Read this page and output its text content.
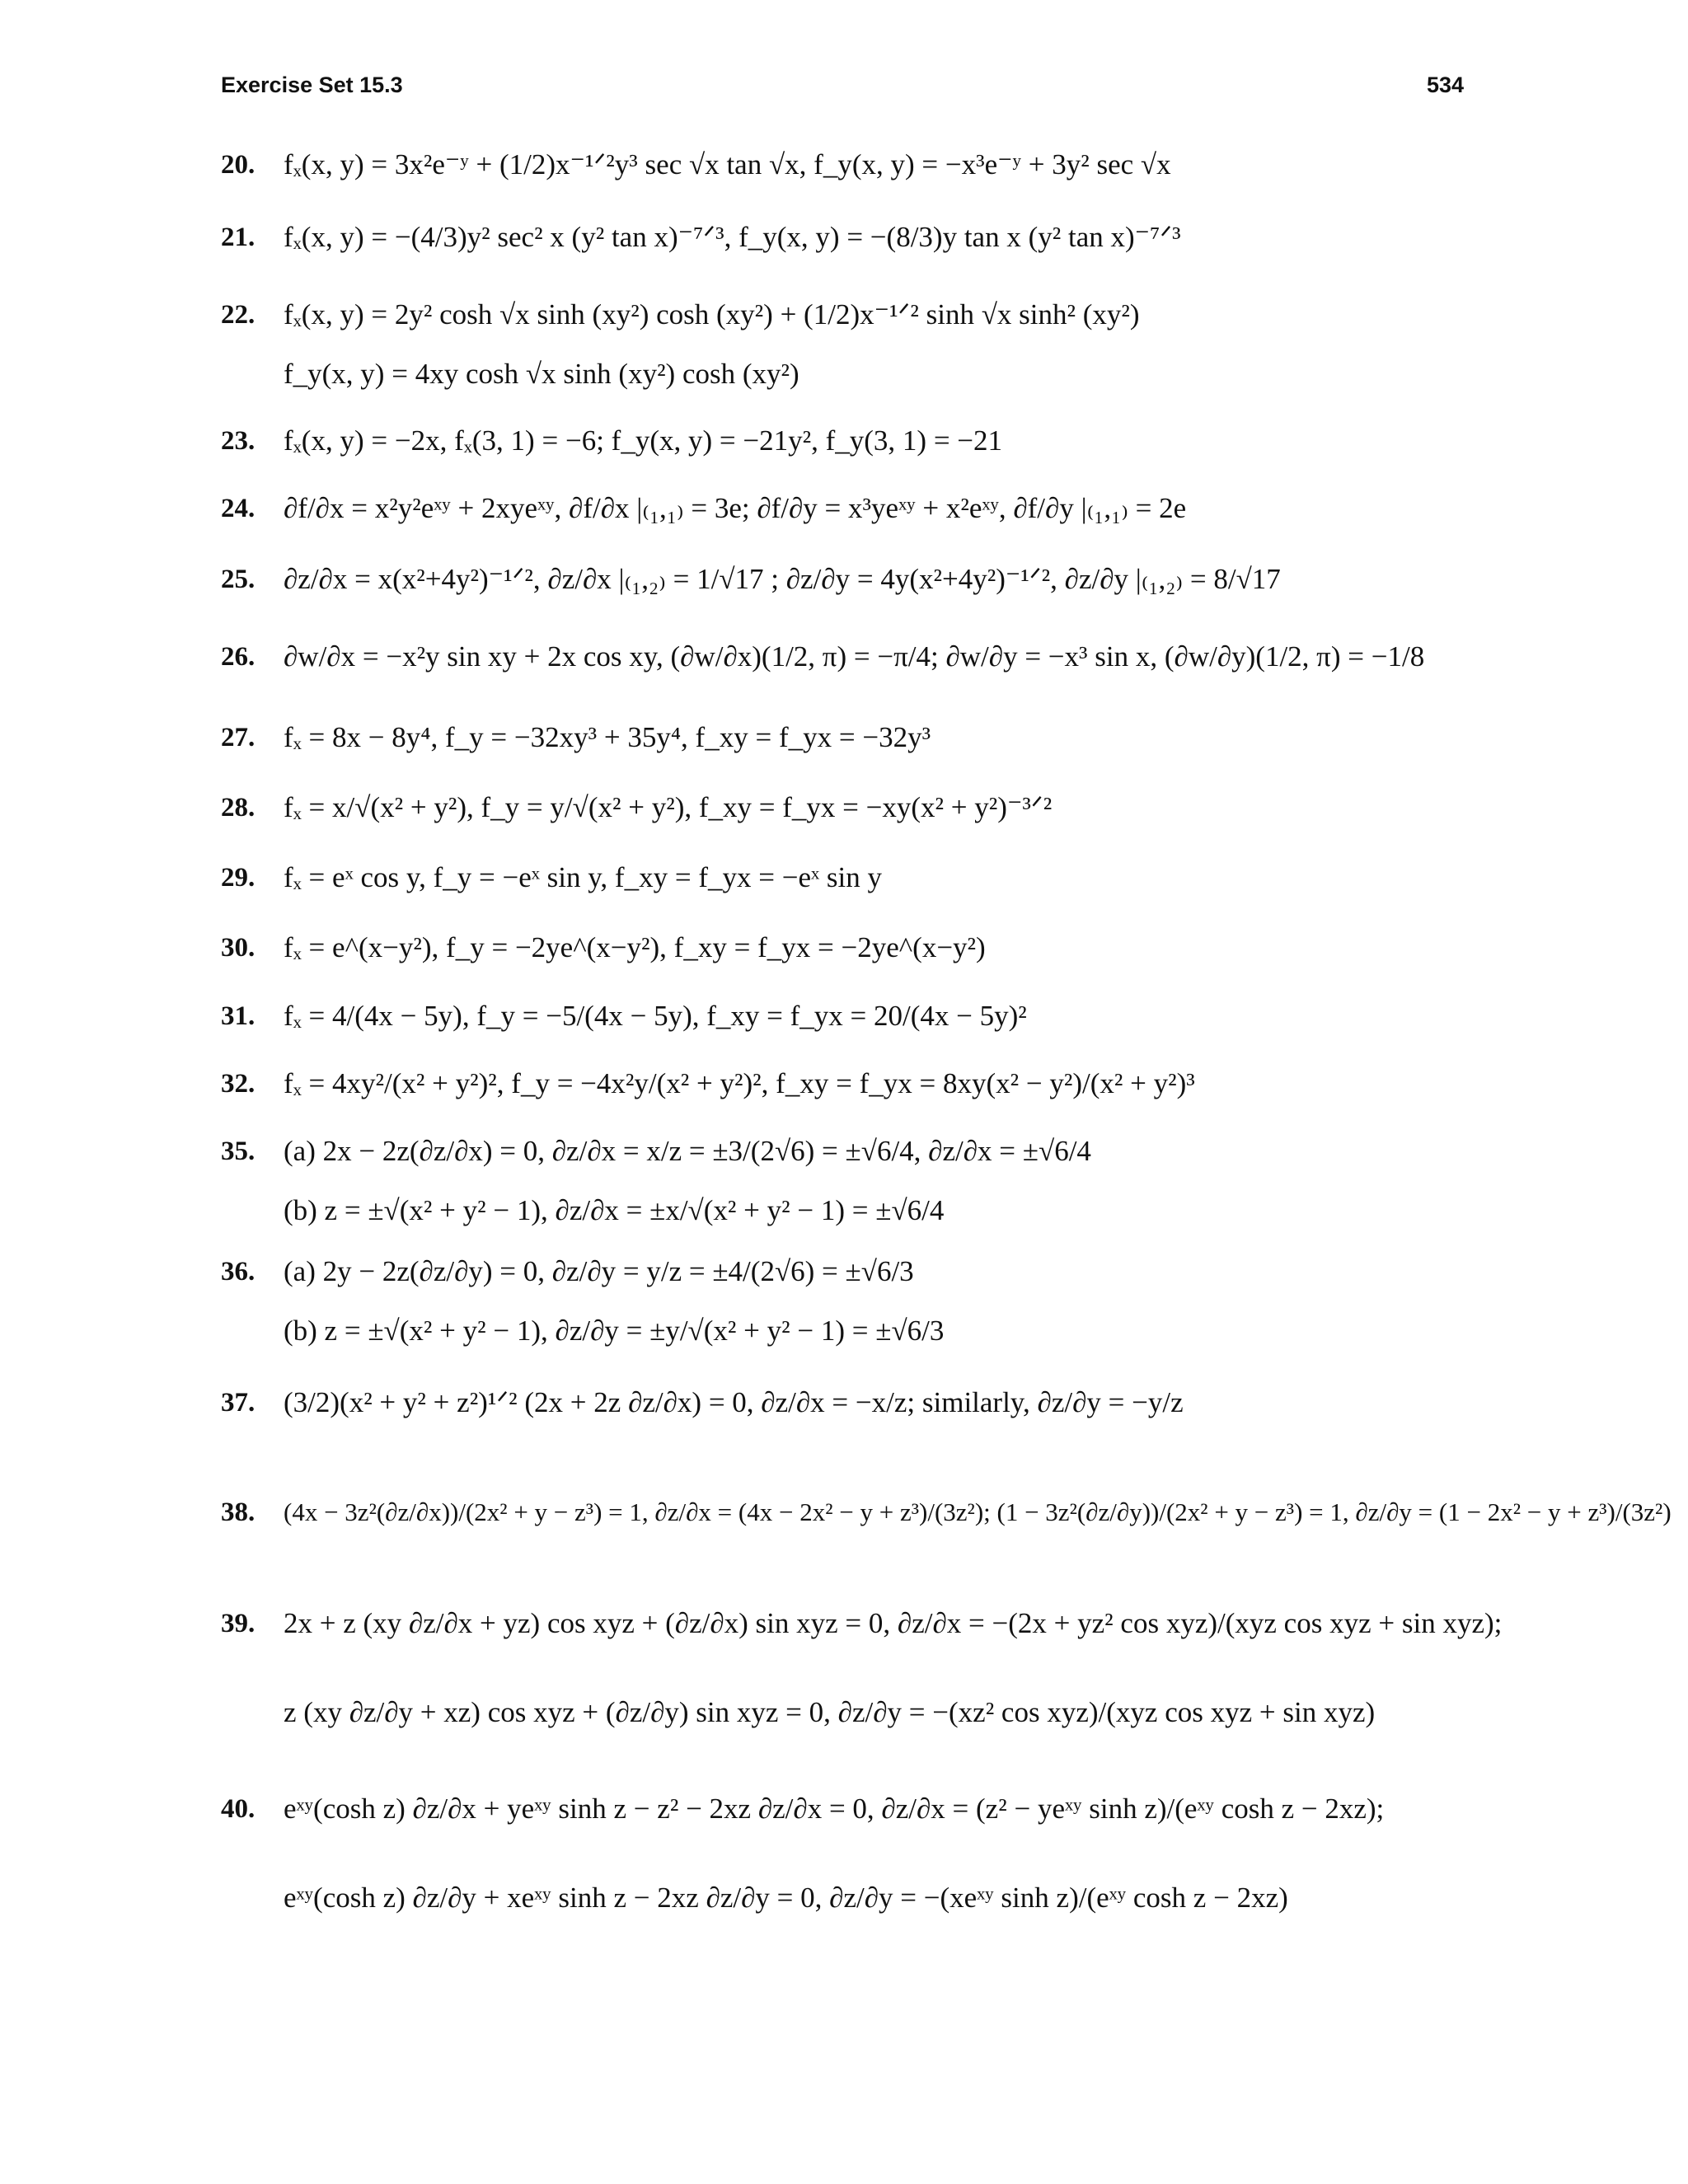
Exercise Set 15.3	534
20. fₓ(x, y) = 3x²e⁻ʸ + (1/2)x⁻¹ᐟ²y³ sec √x tan √x, f_y(x, y) = −x³e⁻ʸ + 3y² sec √x
21. fₓ(x, y) = −(4/3)y² sec² x (y² tan x)⁻⁷ᐟ³, f_y(x, y) = −(8/3)y tan x (y² tan x)⁻⁷ᐟ³
22. fₓ(x, y) = 2y² cosh √x sinh (xy²) cosh (xy²) + (1/2)x⁻¹ᐟ² sinh √x sinh² (xy²)
f_y(x, y) = 4xy cosh √x sinh (xy²) cosh (xy²)
23. fₓ(x, y) = −2x, fₓ(3, 1) = −6; f_y(x, y) = −21y², f_y(3, 1) = −21
24. ∂f/∂x = x²y²eˣʸ + 2xyeˣʸ, ∂f/∂x |₍₁,₁₎ = 3e; ∂f/∂y = x³yeˣʸ + x²eˣʸ, ∂f/∂y |₍₁,₁₎ = 2e
25. ∂z/∂x = x(x²+4y²)⁻¹ᐟ², ∂z/∂x |₍₁,₂₎ = 1/√17 ; ∂z/∂y = 4y(x²+4y²)⁻¹ᐟ², ∂z/∂y |₍₁,₂₎ = 8/√17
26. ∂w/∂x = −x²y sin xy + 2x cos xy, (∂w/∂x)(1/2, π) = −π/4; ∂w/∂y = −x³ sin x, (∂w/∂y)(1/2, π) = −1/8
27. fₓ = 8x − 8y⁴, f_y = −32xy³ + 35y⁴, f_xy = f_yx = −32y³
28. fₓ = x/√(x² + y²), f_y = y/√(x² + y²), f_xy = f_yx = −xy(x² + y²)⁻³ᐟ²
29. fₓ = eˣ cos y, f_y = −eˣ sin y, f_xy = f_yx = −eˣ sin y
30. fₓ = e^(x−y²), f_y = −2ye^(x−y²), f_xy = f_yx = −2ye^(x−y²)
31. fₓ = 4/(4x − 5y), f_y = −5/(4x − 5y), f_xy = f_yx = 20/(4x − 5y)²
32. fₓ = 4xy²/(x² + y²)², f_y = −4x²y/(x² + y²)², f_xy = f_yx = 8xy(x² − y²)/(x² + y²)³
35. (a) 2x − 2z(∂z/∂x) = 0, ∂z/∂x = x/z = ±3/(2√6) = ±√6/4, ∂z/∂x = ±√6/4
(b) z = ±√(x² + y² − 1), ∂z/∂x = ±x/√(x² + y² − 1) = ±√6/4
36. (a) 2y − 2z(∂z/∂y) = 0, ∂z/∂y = y/z = ±4/(2√6) = ±√6/3
(b) z = ±√(x² + y² − 1), ∂z/∂y = ±y/√(x² + y² − 1) = ±√6/3
37. (3/2)(x² + y² + z²)¹ᐟ² (2x + 2z ∂z/∂x) = 0, ∂z/∂x = −x/z; similarly, ∂z/∂y = −y/z
38. (4x − 3z²(∂z/∂x))/(2x² + y − z³) = 1, ∂z/∂x = (4x − 2x² − y + z³)/(3z²); (1 − 3z²(∂z/∂y))/(2x² + y − z³) = 1, ∂z/∂y = (1 − 2x² − y + z³)/(3z²)
39. 2x + z (xy ∂z/∂x + yz) cos xyz + (∂z/∂x) sin xyz = 0, ∂z/∂x = −(2x + yz² cos xyz)/(xyz cos xyz + sin xyz);
z (xy ∂z/∂y + xz) cos xyz + (∂z/∂y) sin xyz = 0, ∂z/∂y = −(xz² cos xyz)/(xyz cos xyz + sin xyz)
40. eˣʸ(cosh z) ∂z/∂x + yeˣʸ sinh z − z² − 2xz ∂z/∂x = 0, ∂z/∂x = (z² − yeˣʸ sinh z)/(eˣʸ cosh z − 2xz);
eˣʸ(cosh z) ∂z/∂y + xeˣʸ sinh z − 2xz ∂z/∂y = 0, ∂z/∂y = −(xeˣʸ sinh z)/(eˣʸ cosh z − 2xz)
